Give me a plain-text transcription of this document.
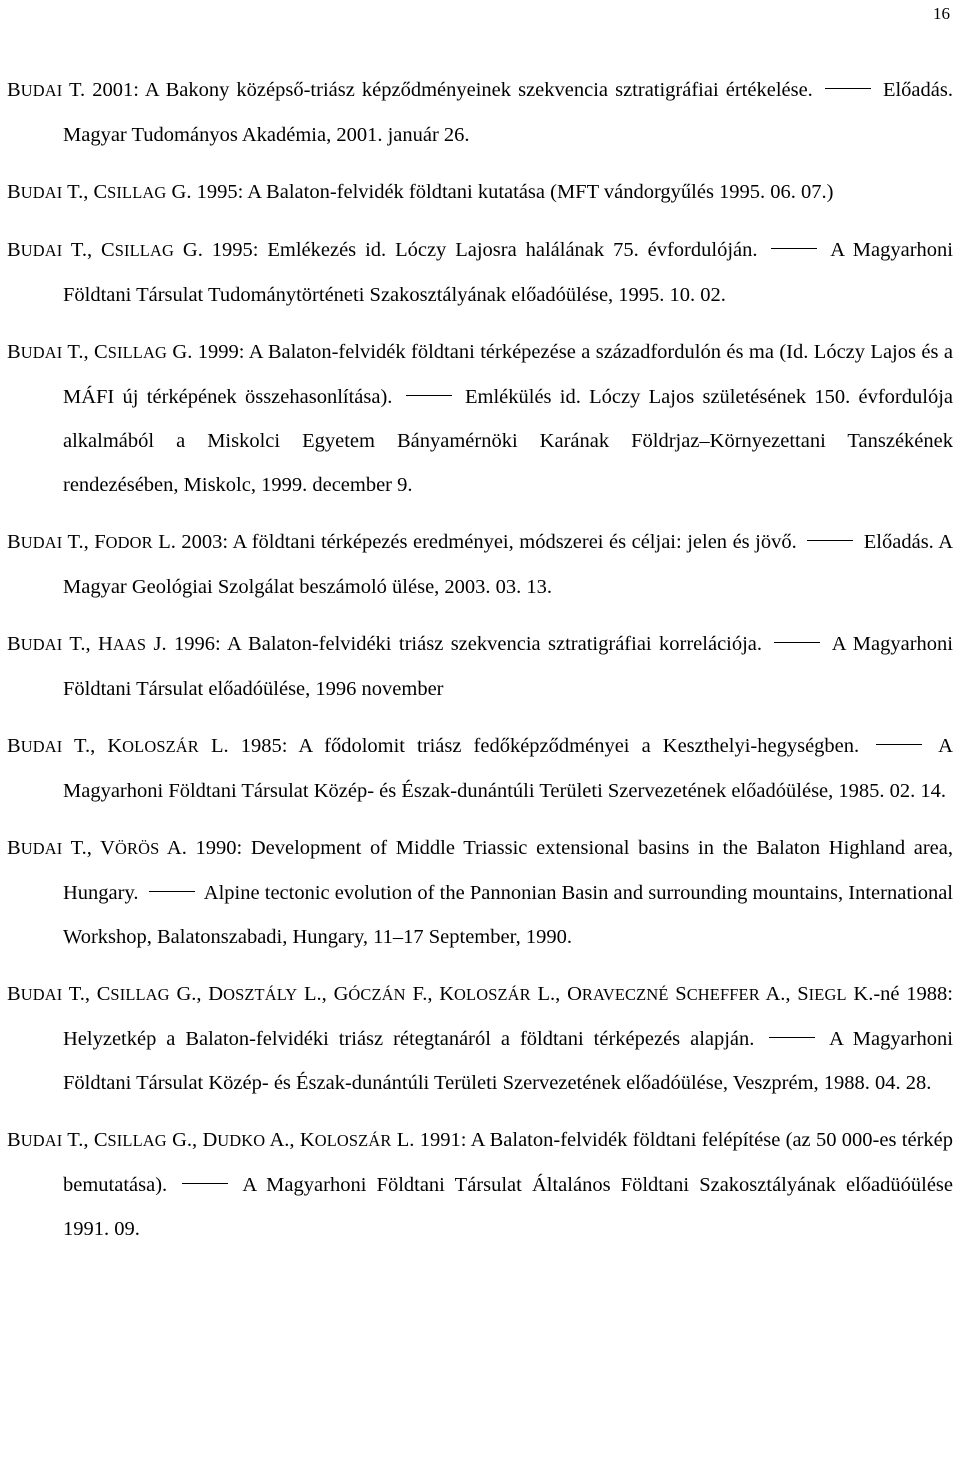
16
BUDAI T. 2001: A Bakony középső-triász képződményeinek szekvencia sztratigráfiai értékelése.	Előadás. Magyar Tudományos Akadémia, 2001. január 26.
BUDAI T., CSILLAG G. 1995: A Balaton-felvidék földtani kutatása (MFT vándorgyűlés 1995. 06. 07.)
BUDAI T., CSILLAG G. 1995: Emlékezés id. Lóczy Lajosra halálának 75. évfordulóján.	A Magyarhoni Földtani Társulat Tudománytörténeti Szakosztályának előadóülése, 1995. 10. 02.
BUDAI T., CSILLAG G. 1999: A Balaton-felvidék földtani térképezése a századfordulón és ma (Id. Lóczy Lajos és a MÁFI új térképének összehasonlítása).	Emlékülés id. Lóczy Lajos születésének 150. évfordulója alkalmából a Miskolci Egyetem Bányamérnöki Karának Földrjaz–Környezettani Tanszékének rendezésében, Miskolc, 1999. december 9.
BUDAI T., FODOR L. 2003: A földtani térképezés eredményei, módszerei és céljai: jelen és jövő.	Előadás. A Magyar Geológiai Szolgálat beszámoló ülése, 2003. 03. 13.
BUDAI T., HAAS J. 1996: A Balaton-felvidéki triász szekvencia sztratigráfiai korrelációja.	A Magyarhoni Földtani Társulat előadóülése, 1996 november
BUDAI T., KOLOSZÁR L. 1985: A fődolomit triász fedőképződményei a Keszthelyi-hegységben.	A Magyarhoni Földtani Társulat Közép- és Észak-dunántúli Területi Szervezetének előadóülése, 1985. 02. 14.
BUDAI T., VÖRÖS A. 1990: Development of Middle Triassic extensional basins in the Balaton Highland area, Hungary.	Alpine tectonic evolution of the Pannonian Basin and surrounding mountains, International Workshop, Balatonszabadi, Hungary, 11–17 September, 1990.
BUDAI T., CSILLAG G., DOSZTÁLY L., GÓCZÁN F., KOLOSZÁR L., ORAVECZNÉ SCHEFFER A., SIEGL K.-né 1988: Helyzetkép a Balaton-felvidéki triász rétegtanáról a földtani térképezés alapján.	A Magyarhoni Földtani Társulat Közép- és Észak-dunántúli Területi Szervezetének előadóülése, Veszprém, 1988. 04. 28.
BUDAI T., CSILLAG G., DUDKO A., KOLOSZÁR L. 1991: A Balaton-felvidék földtani felépítése (az 50 000-es térkép bemutatása).	A Magyarhoni Földtani Társulat Általános Földtani Szakosztályának előadüóülése 1991. 09.
